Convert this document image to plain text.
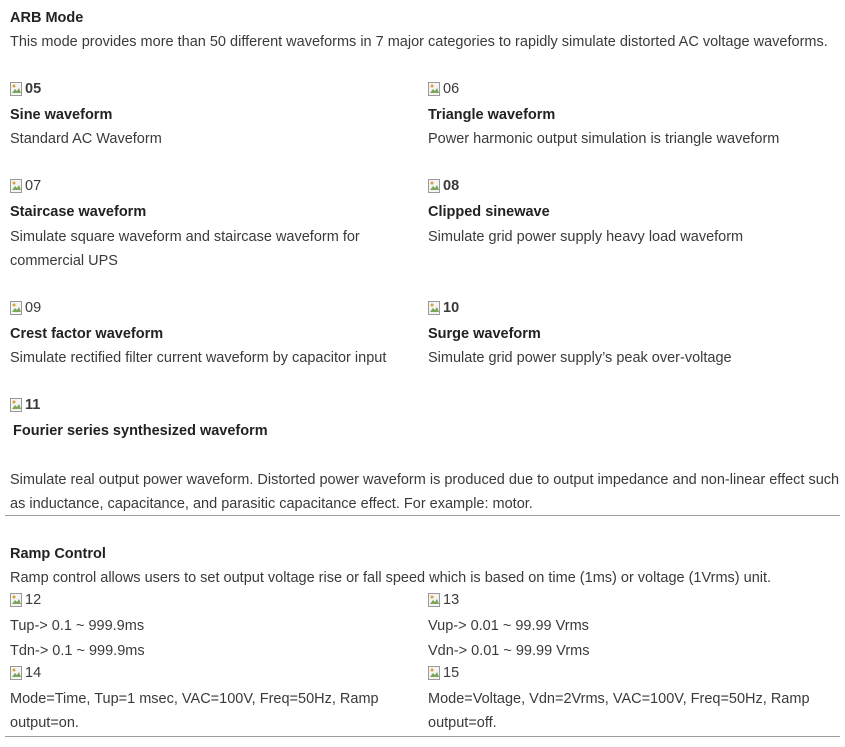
ARB Mode
This mode provides more than 50 different waveforms in 7 major categories to rapidly simulate distorted AC voltage waveforms.
05
Sine waveform
Standard AC Waveform
06
Triangle waveform
Power harmonic output simulation is triangle waveform
07
Staircase waveform
Simulate square waveform and staircase waveform for
commercial UPS
08
Clipped sinewave
Simulate grid power supply heavy load waveform
09
Crest factor waveform
Simulate rectified filter current waveform by capacitor input
10
Surge waveform
Simulate grid power supply’s peak over-voltage
11
Fourier series synthesized waveform
Simulate real output power waveform. Distorted power waveform is produced due to output impedance and non-linear effect such
as inductance, capacitance, and parasitic capacitance effect. For example: motor.
Ramp Control
Ramp control allows users to set output voltage rise or fall speed which is based on time (1ms) or voltage (1Vrms) unit.
12
Tup-> 0.1 ~ 999.9ms
Tdn-> 0.1 ~ 999.9ms
13
Vup-> 0.01 ~ 99.99 Vrms
Vdn-> 0.01 ~ 99.99 Vrms
14
Mode=Time, Tup=1 msec, VAC=100V, Freq=50Hz, Ramp
output=on.
15
Mode=Voltage, Vdn=2Vrms, VAC=100V, Freq=50Hz, Ramp
output=off.
